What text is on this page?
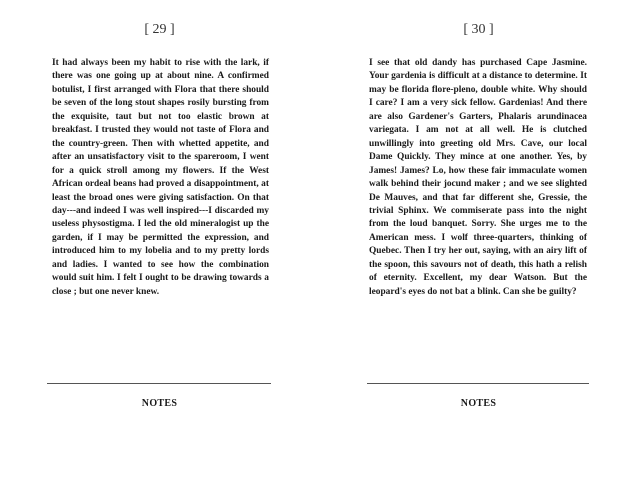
[ 29 ]

It had always been my habit to rise with the lark, if there was one going up at about nine. A confirmed botulist, I first arranged with Flora that there should be seven of the long stout shapes rosily bursting from the exquisite, taut but not too elastic brown at breakfast. I trusted they would not taste of Flora and the country-green. Then with whetted appetite, and after an unsatisfactory visit to the spareroom, I went for a quick stroll among my flowers. If the West African ordeal beans had proved a disappointment, at least the broad ones were giving satisfaction. On that day---and indeed I was well inspired---I discarded my useless physostigma. I led the old mineralogist up the garden, if I may be permitted the expression, and introduced him to my lobelia and to my pretty lords and ladies. I wanted to see how the combination would suit him. I felt I ought to be drawing towards a close ; but one never knew.

NOTES
[ 30 ]

I see that old dandy has purchased Cape Jasmine. Your gardenia is difficult at a distance to determine. It may be florida flore-pleno, double white. Why should I care? I am a very sick fellow. Gardenias! And there are also Gardener's Garters, Phalaris arundinacea variegata. I am not at all well. He is clutched unwillingly into greeting old Mrs. Cave, our local Dame Quickly. They mince at one another. Yes, by James! James? Lo, how these fair immaculate women walk behind their jocund maker ; and we see slighted De Mauves, and that far different she, Gressie, the trivial Sphinx. We commiserate pass into the night from the loud banquet. Sorry. She urges me to the American mess. I wolf three-quarters, thinking of Quebec. Then I try her out, saying, with an airy lift of the spoon, this savours not of death, this hath a relish of eternity. Excellent, my dear Watson. But the leopard's eyes do not bat a blink. Can she be guilty?

NOTES
